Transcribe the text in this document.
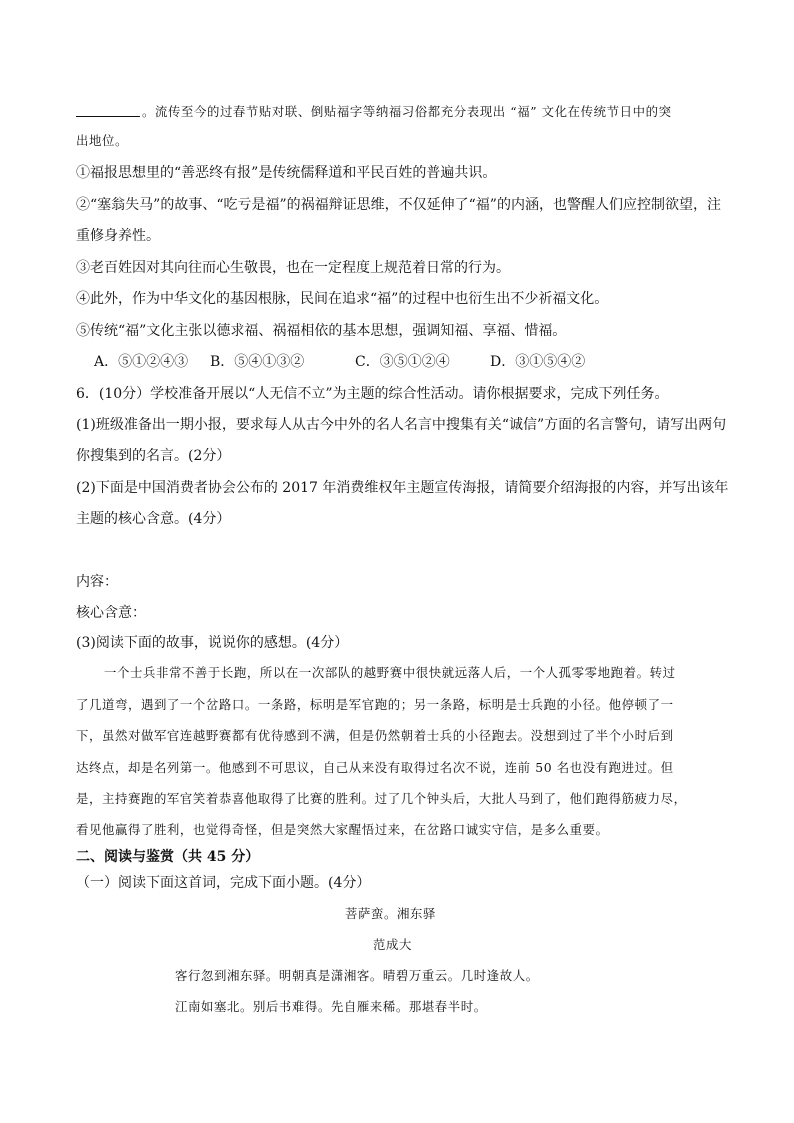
。流传至今的过春节贴对联、倒贴福字等纳福习俗都充分表现出 “福” 文化在传统节日中的突
出地位。
①福报思想里的“善恶终有报”是传统儒释道和平民百姓的普遍共识。
②“塞翁失马”的故事、“吃亏是福”的祸福辩证思维，不仅延伸了“福”的内涵，也警醒人们应控制欲望，注
重修身养性。
③老百姓因对其向往而心生敬畏，也在一定程度上规范着日常的行为。
④此外，作为中华文化的基因根脉，民间在追求“福”的过程中也衍生出不少祈福文化。
⑤传统“福”文化主张以德求福、祸福相依的基本思想，强调知福、享福、惜福。
A．⑤①②④③ B．⑤④①③②	C．③⑤①②④	D．③①⑤④②
6．(10分）学校准备开展以“人无信不立”为主题的综合性活动。请你根据要求，完成下列任务。
(1)班级准备出一期小报，要求每人从古今中外的名人名言中搜集有关“诚信”方面的名言警句，请写出两句
你搜集到的名言。(2分）
(2)下面是中国消费者协会公布的 2017 年消费维权年主题宣传海报，请简要介绍海报的内容，并写出该年
主题的核心含意。(4分）
内容：
核心含意：
(3)阅读下面的故事，说说你的感想。(4分）
一个士兵非常不善于长跑，所以在一次部队的越野赛中很快就远落人后，一个人孤零零地跑着。转过
了几道弯，遇到了一个岔路口。一条路，标明是军官跑的；另一条路，标明是士兵跑的小径。他停顿了一
下，虽然对做军官连越野赛都有优待感到不满，但是仍然朝着士兵的小径跑去。没想到过了半个小时后到
达终点，却是名列第一。他感到不可思议，自己从来没有取得过名次不说，连前 50 名也没有跑进过。但
是，主持赛跑的军官笑着恭喜他取得了比赛的胜利。过了几个钟头后，大批人马到了，他们跑得筋疲力尽，
看见他赢得了胜利，也觉得奇怪，但是突然大家醒悟过来，在岔路口诚实守信，是多么重要。
二、阅读与鉴赏（共 45 分）
（一）阅读下面这首词，完成下面小题。(4分）
菩萨蛮。湘东驿
范成大
客行忽到湘东驿。明朝真是潇湘客。晴碧万重云。几时逢故人。
江南如塞北。别后书难得。先自雁来稀。那堪春半时。
